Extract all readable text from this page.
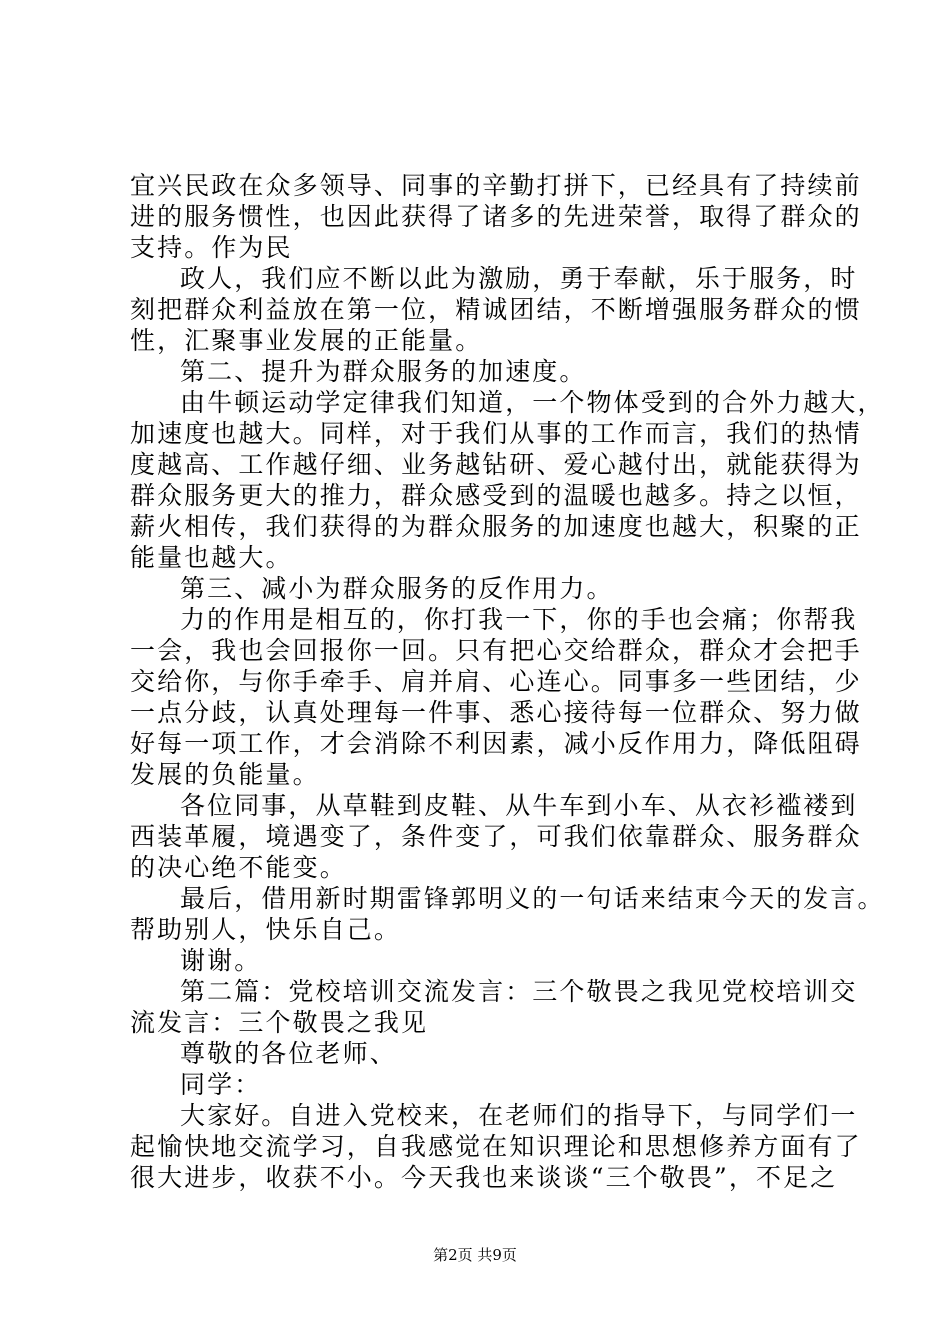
宜兴民政在众多领导、同事的辛勤打拼下，已经具有了持续前
进的服务惯性，也因此获得了诸多的先进荣誉，取得了群众的
支持。作为民
政人，我们应不断以此为激励，勇于奉献，乐于服务，时
刻把群众利益放在第一位，精诚团结，不断增强服务群众的惯
性，汇聚事业发展的正能量。
第二、提升为群众服务的加速度。
由牛顿运动学定律我们知道，一个物体受到的合外力越大，
加速度也越大。同样，对于我们从事的工作而言，我们的热情
度越高、工作越仔细、业务越钻研、爱心越付出，就能获得为
群众服务更大的推力，群众感受到的温暖也越多。持之以恒，
薪火相传，我们获得的为群众服务的加速度也越大，积聚的正
能量也越大。
第三、减小为群众服务的反作用力。
力的作用是相互的，你打我一下，你的手也会痛；你帮我
一会，我也会回报你一回。只有把心交给群众，群众才会把手
交给你，与你手牵手、肩并肩、心连心。同事多一些团结，少
一点分歧，认真处理每一件事、悉心接待每一位群众、努力做
好每一项工作，才会消除不利因素，减小反作用力，降低阻碍
发展的负能量。
各位同事，从草鞋到皮鞋、从牛车到小车、从衣衫褴褛到
西装革履，境遇变了，条件变了，可我们依靠群众、服务群众
的决心绝不能变。
最后，借用新时期雷锋郭明义的一句话来结束今天的发言。
帮助别人，快乐自己。
谢谢。
第二篇：党校培训交流发言：三个敬畏之我见党校培训交
流发言：三个敬畏之我见
尊敬的各位老师、
同学：
大家好。自进入党校来，在老师们的指导下，与同学们一
起愉快地交流学习，自我感觉在知识理论和思想修养方面有了
很大进步，收获不小。今天我也来谈谈“三个敬畏”，不足之
第2页 共9页
